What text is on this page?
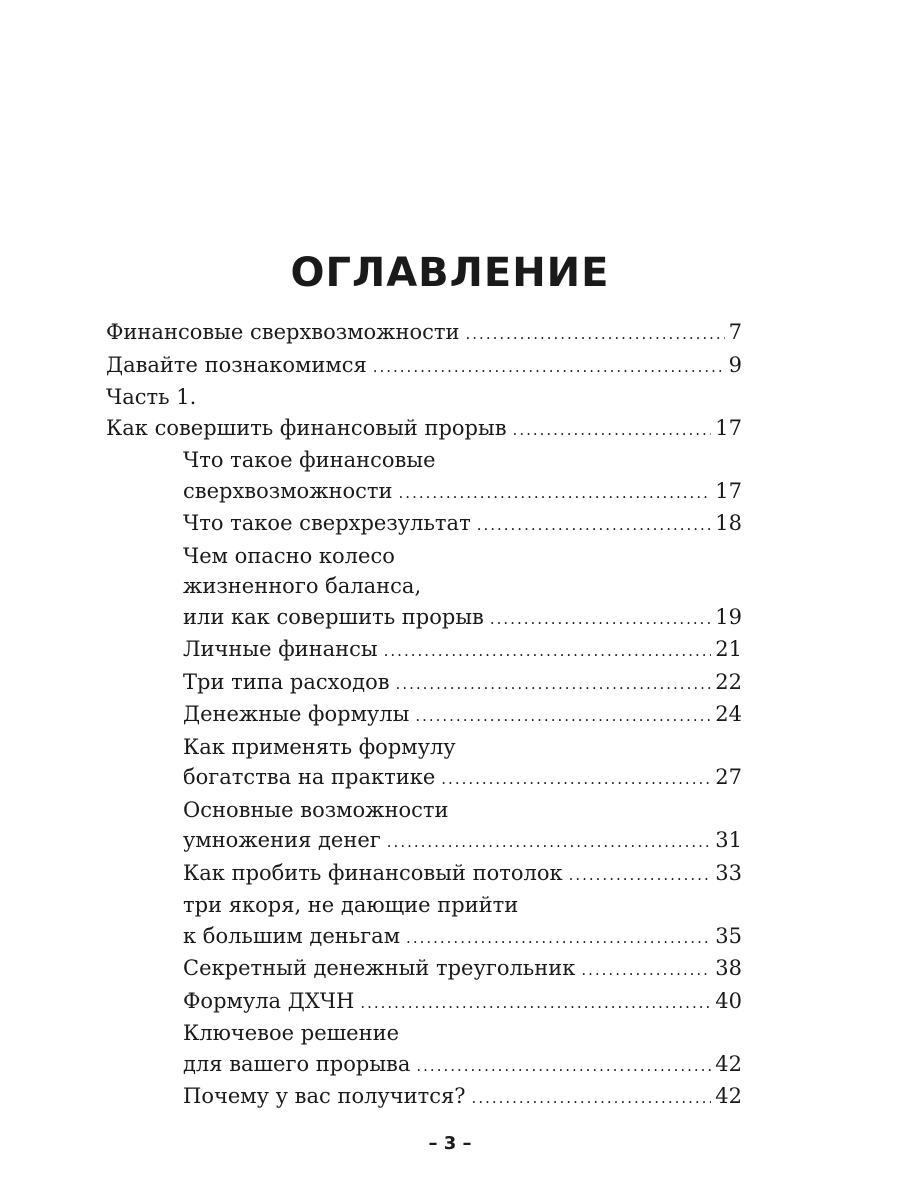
ОГЛАВЛЕНИЕ
Финансовые сверхвозможности .....	7
Давайте познакомимся .....	9
Часть 1.
Как совершить финансовый прорыв .....	17
Что такое финансовые
сверхвозможности .....	17
Что такое сверхрезультат .....	18
Чем опасно колесо
жизненного баланса,
или как совершить прорыв .....	19
Личные финансы .....	21
Три типа расходов .....	22
Денежные формулы .....	24
Как применять формулу
богатства на практике .....	27
Основные возможности
умножения денег .....	31
Как пробить финансовый потолок .....	33
три якоря, не дающие прийти
к большим деньгам .....	35
Секретный денежный треугольник .....	38
Формула ДХЧН .....	40
Ключевое решение
для вашего прорыва .....	42
Почему у вас получится? .....	42
– 3 –
